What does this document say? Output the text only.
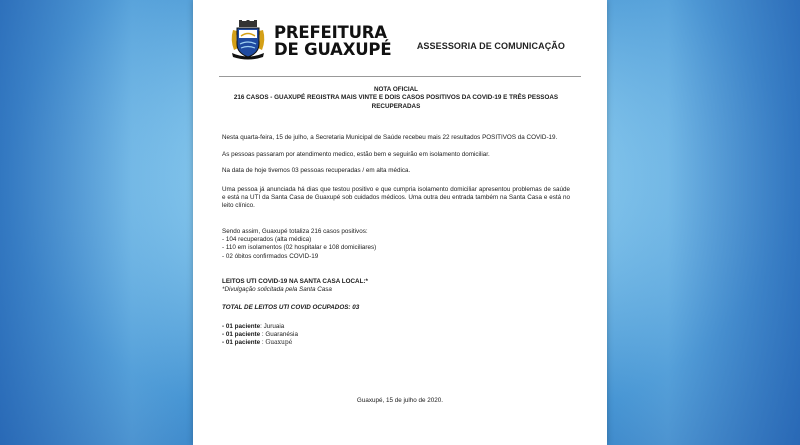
PREFEITURA
DE GUAXUPÉ	ASSESSORIA DE COMUNICAÇÃO

NOTA OFICIAL

216 CASOS - GUAXUPÉ REGISTRA MAIS VINTE E DOIS CASOS POSITIVOS DA COVID-19 E TRÊS PESSOAS RECUPERADAS

Nesta quarta-feira, 15 de julho, a Secretaria Municipal de Saúde recebeu mais 22 resultados POSITIVOS da COVID-19.

As pessoas passaram por atendimento medico, estão bem e seguirão em isolamento domiciliar.

Na data de hoje tivemos 03 pessoas recuperadas / em alta médica.

Uma pessoa já anunciada há dias que testou positivo e que cumpria isolamento domiciliar apresentou problemas de saúde e está na UTI da Santa Casa de Guaxupé sob cuidados médicos. Uma outra deu entrada também na Santa Casa e está no leito clínico.

Sendo assim, Guaxupé totaliza 216 casos positivos:

- 104 recuperados (alta médica)

- 110 em isolamentos (02 hospitalar e 108 domiciliares)

- 02 óbitos confirmados COVID-19

LEITOS UTI COVID-19 NA SANTA CASA LOCAL:*

*Divulgação solicitada pela Santa Casa

TOTAL DE LEITOS UTI COVID OCUPADOS: 03

- 01 paciente: Juruaia

- 01 paciente : Guaranésia

- 01 paciente : Guaxupé

Guaxupé, 15 de julho de 2020.
